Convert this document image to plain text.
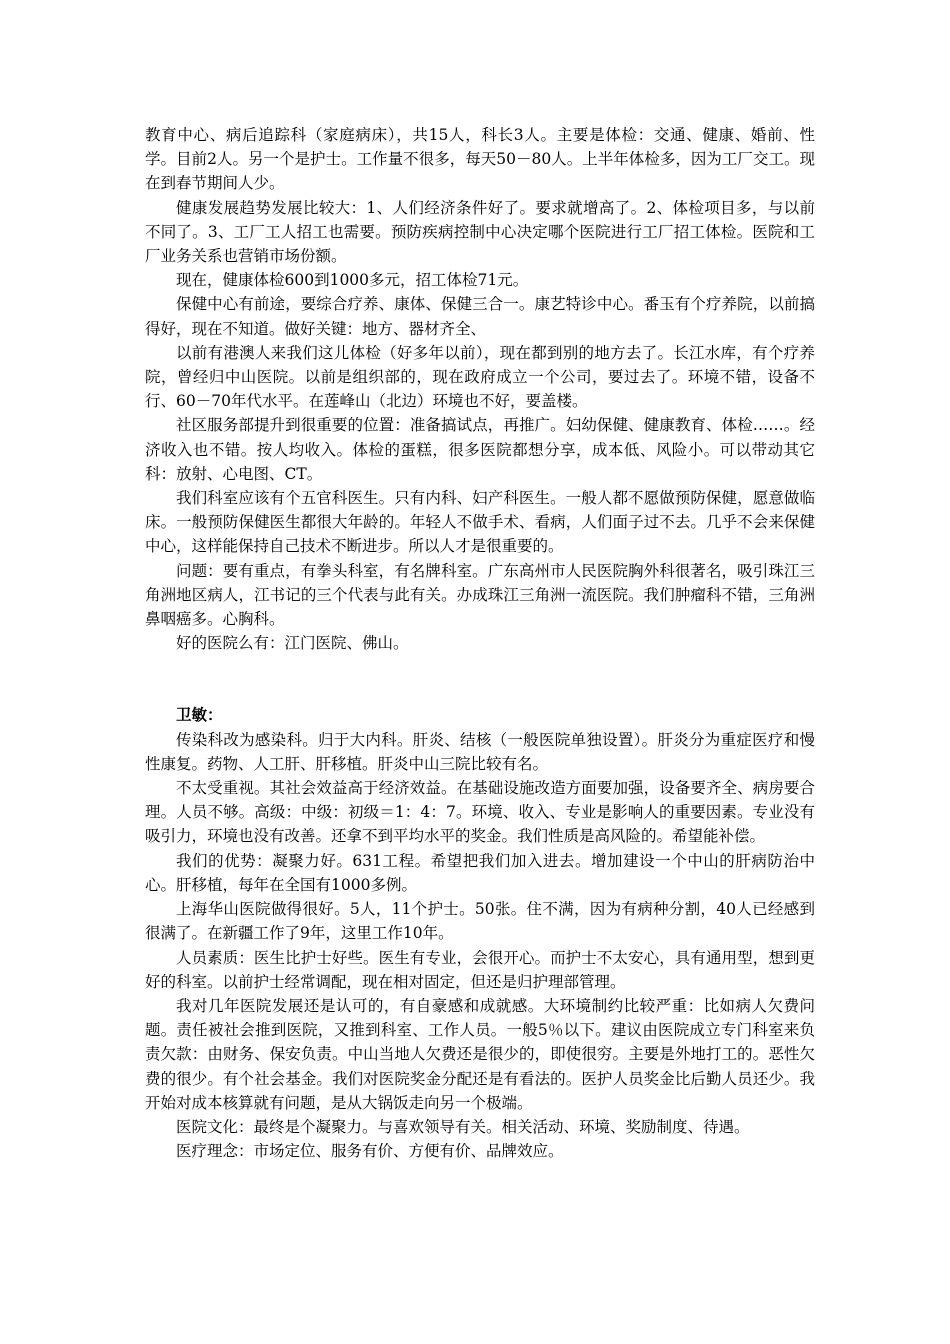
教育中心、病后追踪科（家庭病床），共15人，科长3人。主要是体检：交通、健康、婚前、性学。目前2人。另一个是护士。工作量不很多，每天50－80人。上半年体检多，因为工厂交工。现在到春节期间人少。

健康发展趋势发展比较大：1、人们经济条件好了。要求就增高了。2、体检项目多，与以前不同了。3、工厂工人招工也需要。预防疾病控制中心决定哪个医院进行工厂招工体检。医院和工厂业务关系也营销市场份额。

现在，健康体检600到1000多元，招工体检71元。

保健中心有前途，要综合疗养、康体、保健三合一。康艺特诊中心。番玉有个疗养院，以前搞得好，现在不知道。做好关键：地方、器材齐全、

以前有港澳人来我们这儿体检（好多年以前），现在都到别的地方去了。长江水库，有个疗养院，曾经归中山医院。以前是组织部的，现在政府成立一个公司，要过去了。环境不错，设备不行、60－70年代水平。在莲峰山（北边）环境也不好，要盖楼。

社区服务部提升到很重要的位置：准备搞试点，再推广。妇幼保健、健康教育、体检……。经济收入也不错。按人均收入。体检的蛋糕，很多医院都想分享，成本低、风险小。可以带动其它科：放射、心电图、CT。

我们科室应该有个五官科医生。只有内科、妇产科医生。一般人都不愿做预防保健，愿意做临床。一般预防保健医生都很大年龄的。年轻人不做手术、看病，人们面子过不去。几乎不会来保健中心，这样能保持自己技术不断进步。所以人才是很重要的。

问题：要有重点，有拳头科室，有名牌科室。广东高州市人民医院胸外科很著名，吸引珠江三角洲地区病人，江书记的三个代表与此有关。办成珠江三角洲一流医院。我们肿瘤科不错，三角洲鼻咽癌多。心胸科。

好的医院么有：江门医院、佛山。

卫敏：

传染科改为感染科。归于大内科。肝炎、结核（一般医院单独设置）。肝炎分为重症医疗和慢性康复。药物、人工肝、肝移植。肝炎中山三院比较有名。

不太受重视。其社会效益高于经济效益。在基础设施改造方面要加强，设备要齐全、病房要合理。人员不够。高级：中级：初级＝1：4：7。环境、收入、专业是影响人的重要因素。专业没有吸引力，环境也没有改善。还拿不到平均水平的奖金。我们性质是高风险的。希望能补偿。

我们的优势：凝聚力好。631工程。希望把我们加入进去。增加建设一个中山的肝病防治中心。肝移植，每年在全国有1000多例。

上海华山医院做得很好。5人，11个护士。50张。住不满，因为有病种分割，40人已经感到很满了。在新疆工作了9年，这里工作10年。

人员素质：医生比护士好些。医生有专业，会很开心。而护士不太安心，具有通用型，想到更好的科室。以前护士经常调配，现在相对固定，但还是归护理部管理。

我对几年医院发展还是认可的，有自豪感和成就感。大环境制约比较严重：比如病人欠费问题。责任被社会推到医院，又推到科室、工作人员。一般5％以下。建议由医院成立专门科室来负责欠款：由财务、保安负责。中山当地人欠费还是很少的，即使很穷。主要是外地打工的。恶性欠费的很少。有个社会基金。我们对医院奖金分配还是有看法的。医护人员奖金比后勤人员还少。我开始对成本核算就有问题，是从大锅饭走向另一个极端。

医院文化：最终是个凝聚力。与喜欢领导有关。相关活动、环境、奖励制度、待遇。

医疗理念：市场定位、服务有价、方便有价、品牌效应。
